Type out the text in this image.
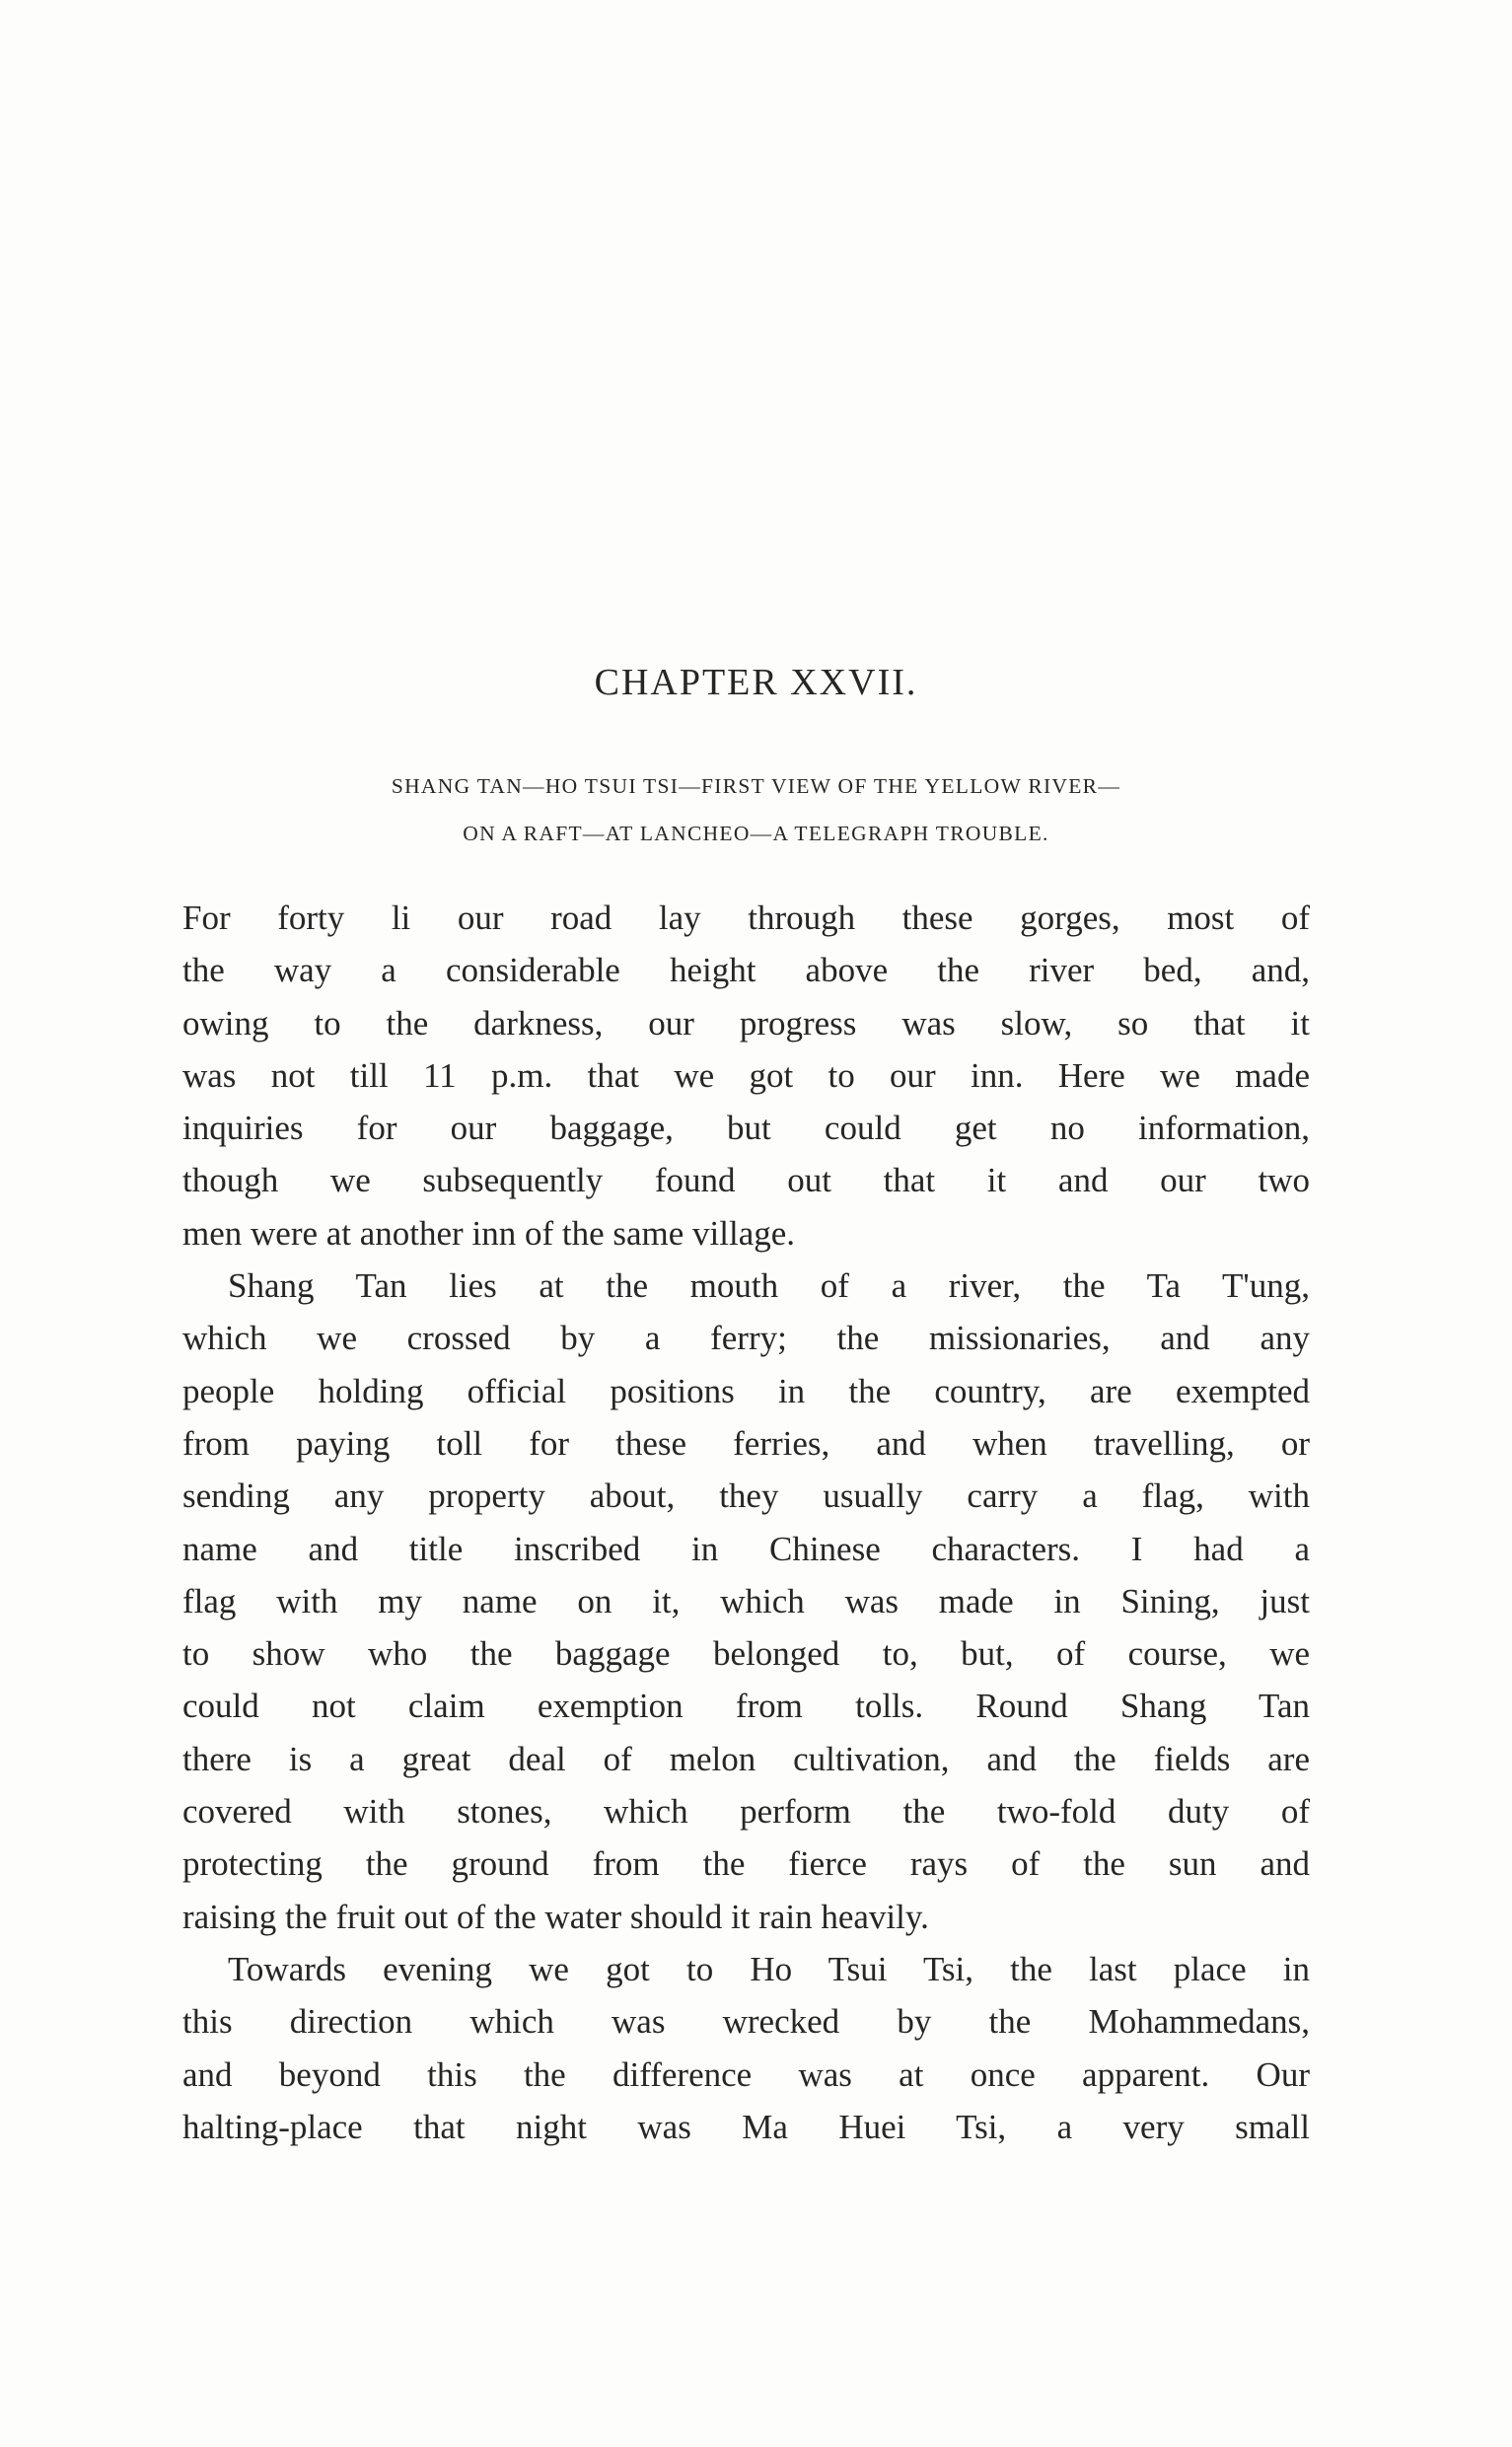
CHAPTER XXVII.
SHANG TAN—HO TSUI TSI—FIRST VIEW OF THE YELLOW RIVER—
ON A RAFT—AT LANCHEO—A TELEGRAPH TROUBLE.
For forty li our road lay through these gorges, most of
the way a considerable height above the river bed, and,
owing to the darkness, our progress was slow, so that it
was not till 11 p.m. that we got to our inn. Here we made
inquiries for our baggage, but could get no information,
though we subsequently found out that it and our two
men were at another inn of the same village.
Shang Tan lies at the mouth of a river, the Ta T'ung,
which we crossed by a ferry; the missionaries, and any
people holding official positions in the country, are exempted
from paying toll for these ferries, and when travelling, or
sending any property about, they usually carry a flag, with
name and title inscribed in Chinese characters. I had a
flag with my name on it, which was made in Sining, just
to show who the baggage belonged to, but, of course, we
could not claim exemption from tolls. Round Shang Tan
there is a great deal of melon cultivation, and the fields are
covered with stones, which perform the two-fold duty of
protecting the ground from the fierce rays of the sun and
raising the fruit out of the water should it rain heavily.
Towards evening we got to Ho Tsui Tsi, the last place in
this direction which was wrecked by the Mohammedans,
and beyond this the difference was at once apparent. Our
halting-place that night was Ma Huei Tsi, a very small
